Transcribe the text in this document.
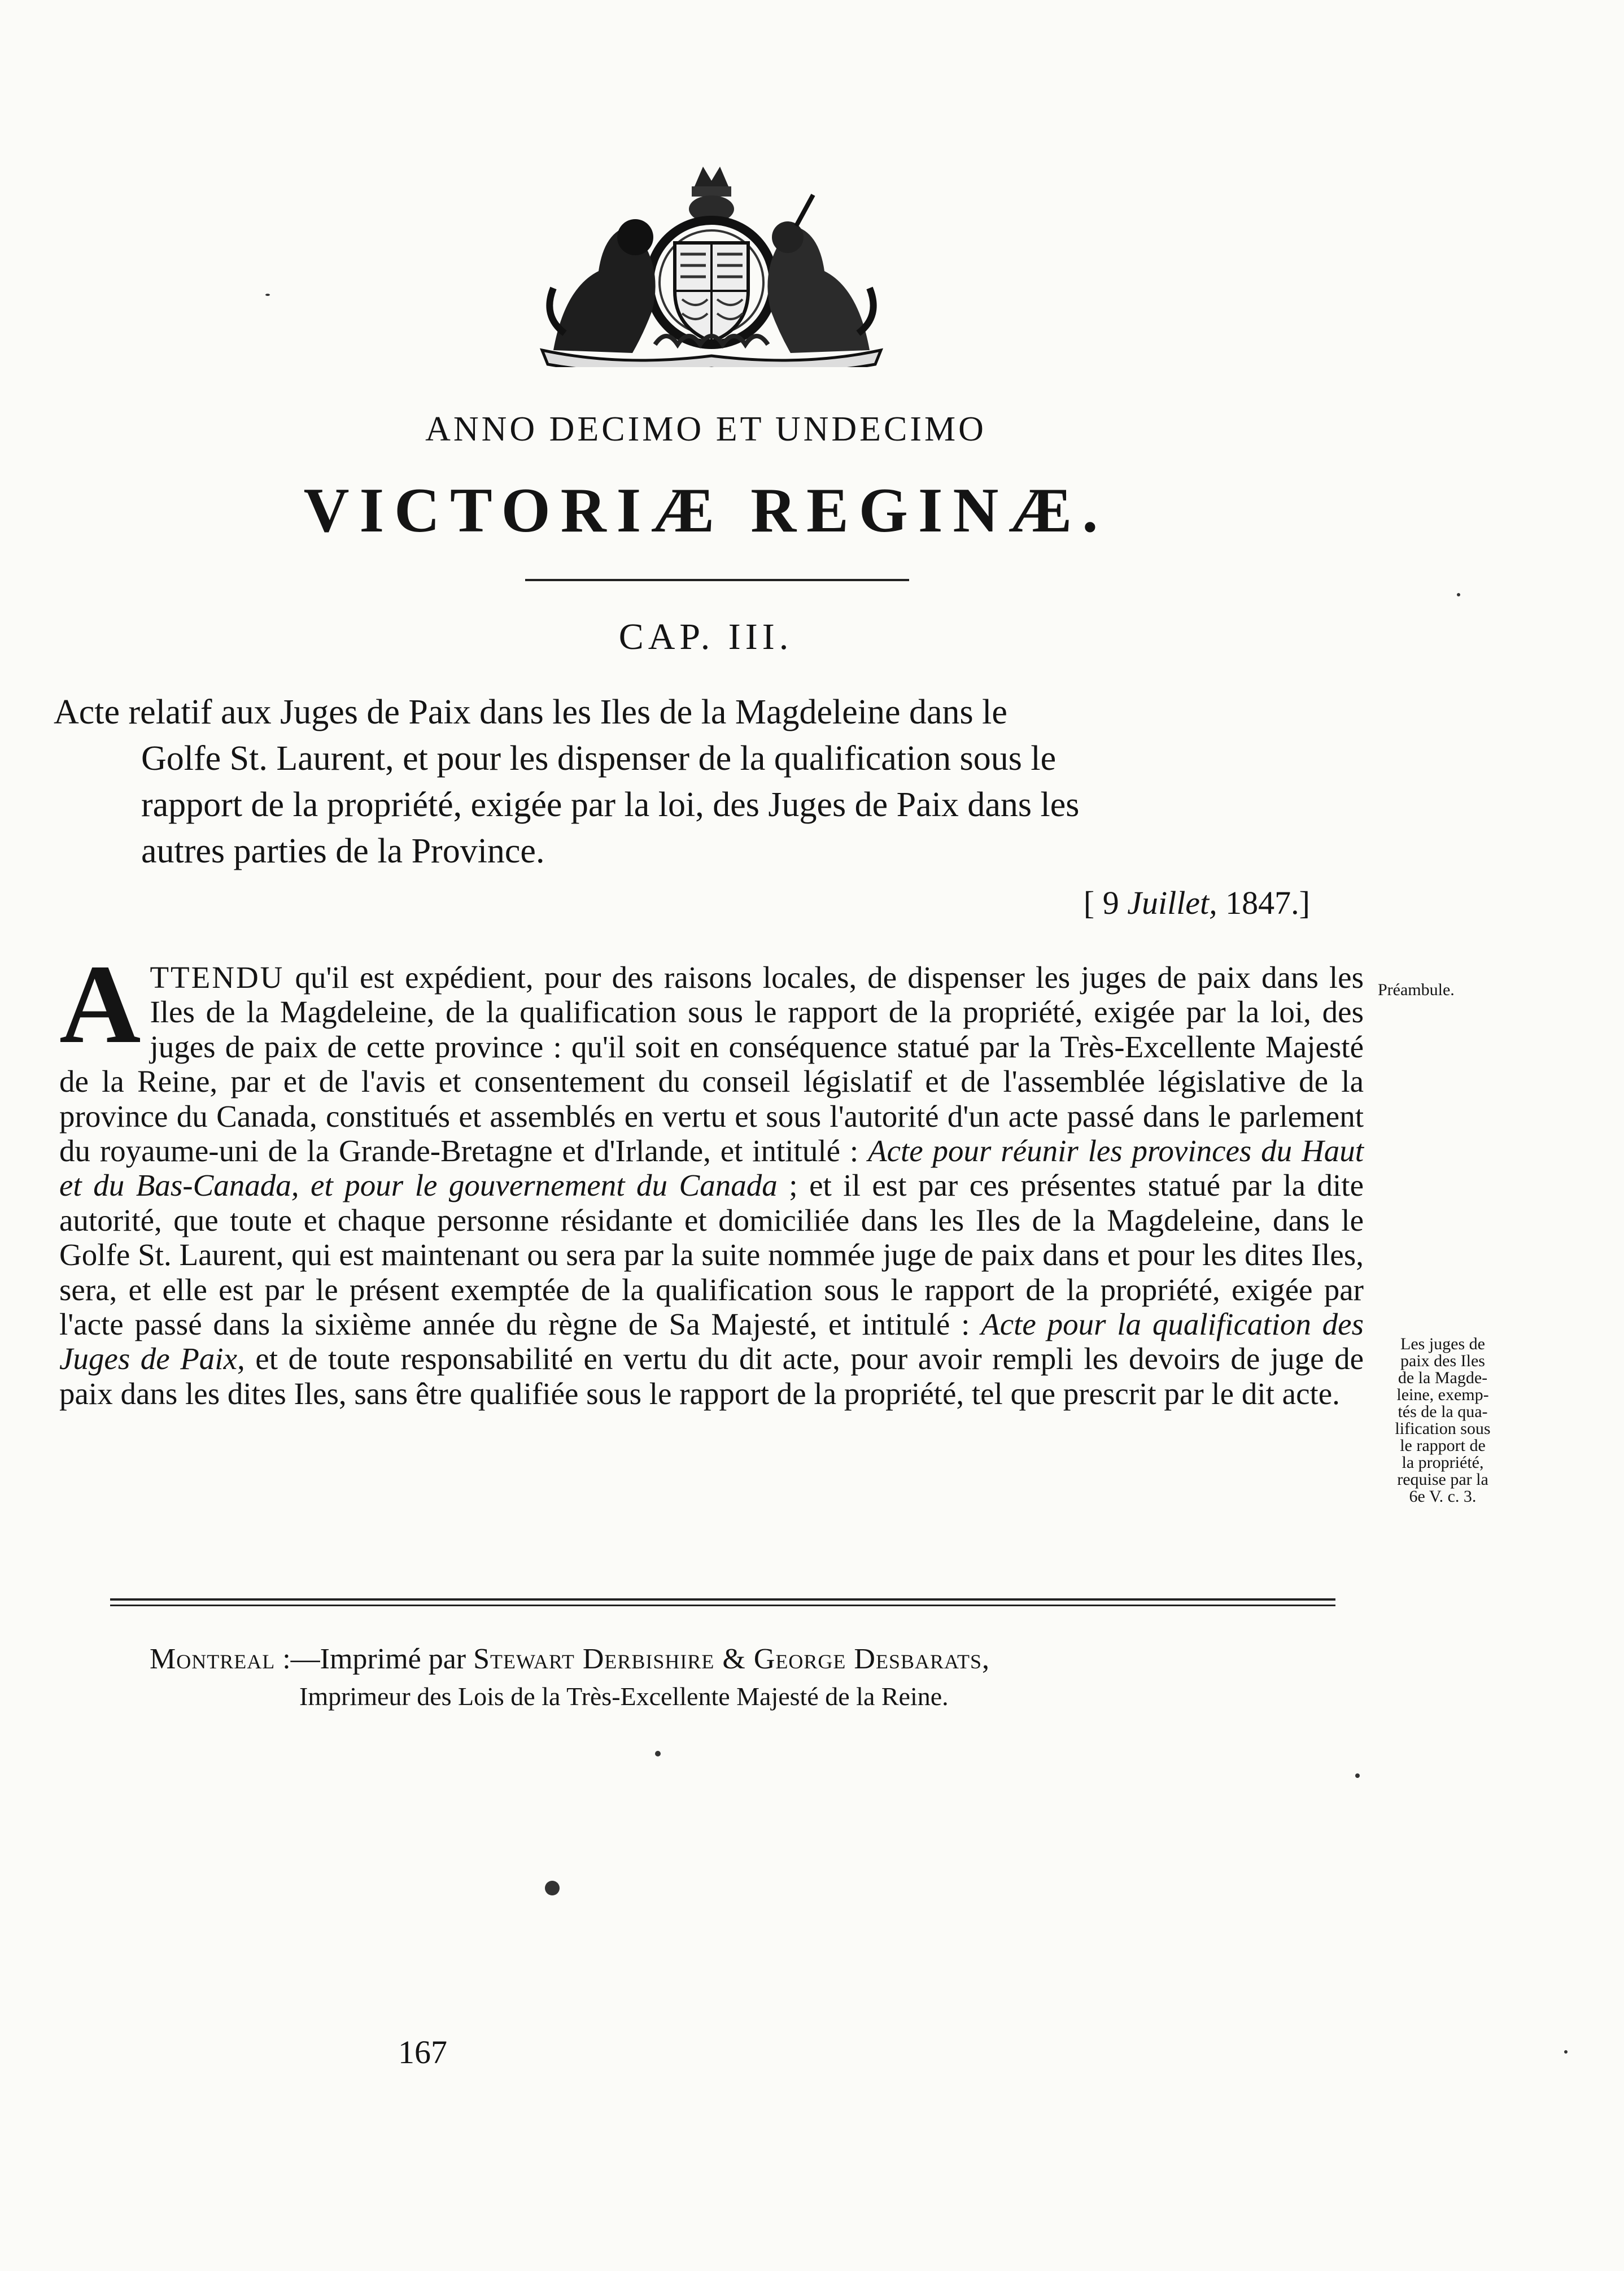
ANNO DECIMO ET UNDECIMO
VICTORIÆ REGINÆ.
CAP. III.
Acte relatif aux Juges de Paix dans les Iles de la Magdeleine dans le
Golfe St. Laurent, et pour les dispenser de la qualification sous le
rapport de la propriété, exigée par la loi, des Juges de Paix dans les
autres parties de la Province.
[ 9 Juillet, 1847.]
ATTENDU qu'il est expédient, pour des raisons locales, de dispenser les juges de paix dans les Iles de la Magdeleine, de la qualification sous le rapport de la propriété, exigée par la loi, des juges de paix de cette province : qu'il soit en conséquence statué par la Très-Excellente Majesté de la Reine, par et de l'avis et consentement du conseil législatif et de l'assemblée législative de la province du Canada, constitués et assemblés en vertu et sous l'autorité d'un acte passé dans le parlement du royaume-uni de la Grande-Bretagne et d'Irlande, et intitulé : Acte pour réunir les provinces du Haut et du Bas-Canada, et pour le gouvernement du Canada ; et il est par ces présentes statué par la dite autorité, que toute et chaque personne résidante et domiciliée dans les Iles de la Magdeleine, dans le Golfe St. Laurent, qui est maintenant ou sera par la suite nommée juge de paix dans et pour les dites Iles, sera, et elle est par le présent exemptée de la qualification sous le rapport de la propriété, exigée par l'acte passé dans la sixième année du règne de Sa Majesté, et intitulé : Acte pour la qualification des Juges de Paix, et de toute responsabilité en vertu du dit acte, pour avoir rempli les devoirs de juge de paix dans les dites Iles, sans être qualifiée sous le rapport de la propriété, tel que prescrit par le dit acte.
Préambule.
Les juges de
paix des Iles
de la Magde-
leine, exemp-
tés de la qua-
lification sous
le rapport de
la propriété,
requise par la
6e V. c. 3.
Montreal :—Imprimé par Stewart Derbishire & George Desbarats,
Imprimeur des Lois de la Très-Excellente Majesté de la Reine.
167
